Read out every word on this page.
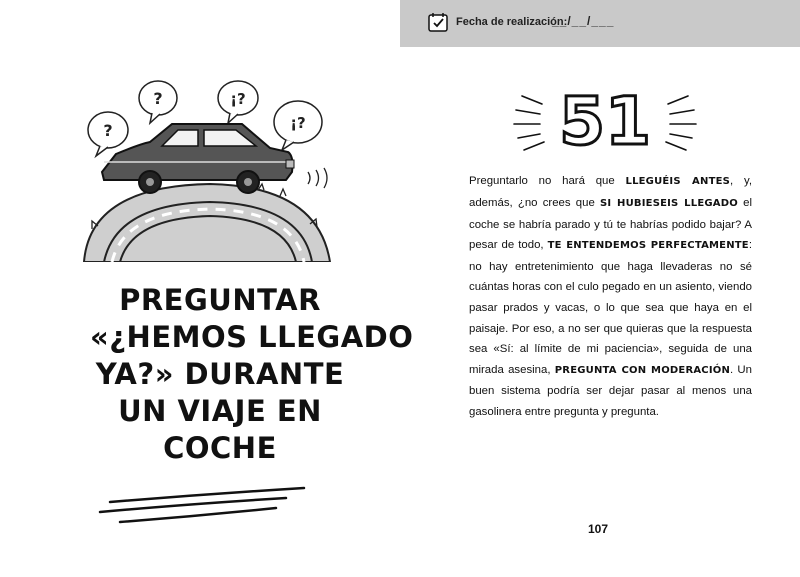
?
?	¡?
¡?
PREGUNTAR
«¿HEMOS LLEGADO
YA?» DURANTE
UN VIAJE EN
COCHE
Fecha de realización:
__/__/___
51

Preguntarlo no hará que LLEGUÉIS ANTES, y, además, ¿no crees que SI HUBIESEIS LLEGADO el coche se habría parado y tú te habrías podido bajar? A pesar de todo, TE ENTENDEMOS PERFECTAMENTE: no hay entretenimiento que haga llevaderas no sé cuántas horas con el culo pegado en un asiento, viendo pasar prados y vacas, o lo que sea que haya en el paisaje. Por eso, a no ser que quieras que la respuesta sea «Sí: al límite de mi paciencia», seguida de una mirada asesina, PREGUNTA CON MODERACIÓN. Un buen sistema podría ser dejar pasar al menos una gasolinera entre pregunta y pregunta.

107
